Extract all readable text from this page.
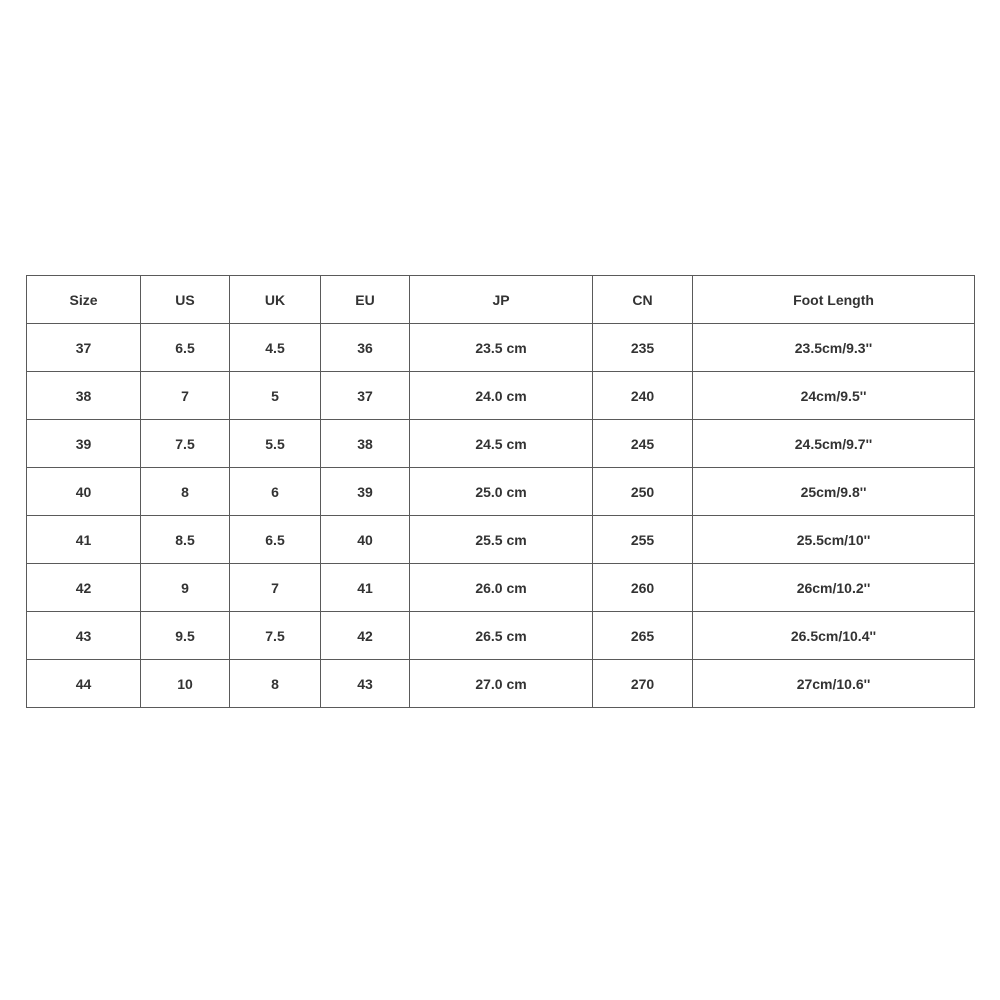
Size	US	UK	EU	JP	CN	Foot Length
37	6.5	4.5	36	23.5 cm	235	23.5cm/9.3''
38	7	5	37	24.0 cm	240	24cm/9.5''
39	7.5	5.5	38	24.5 cm	245	24.5cm/9.7''
40	8	6	39	25.0 cm	250	25cm/9.8''
41	8.5	6.5	40	25.5 cm	255	25.5cm/10''
42	9	7	41	26.0 cm	260	26cm/10.2''
43	9.5	7.5	42	26.5 cm	265	26.5cm/10.4''
44	10	8	43	27.0 cm	270	27cm/10.6''
